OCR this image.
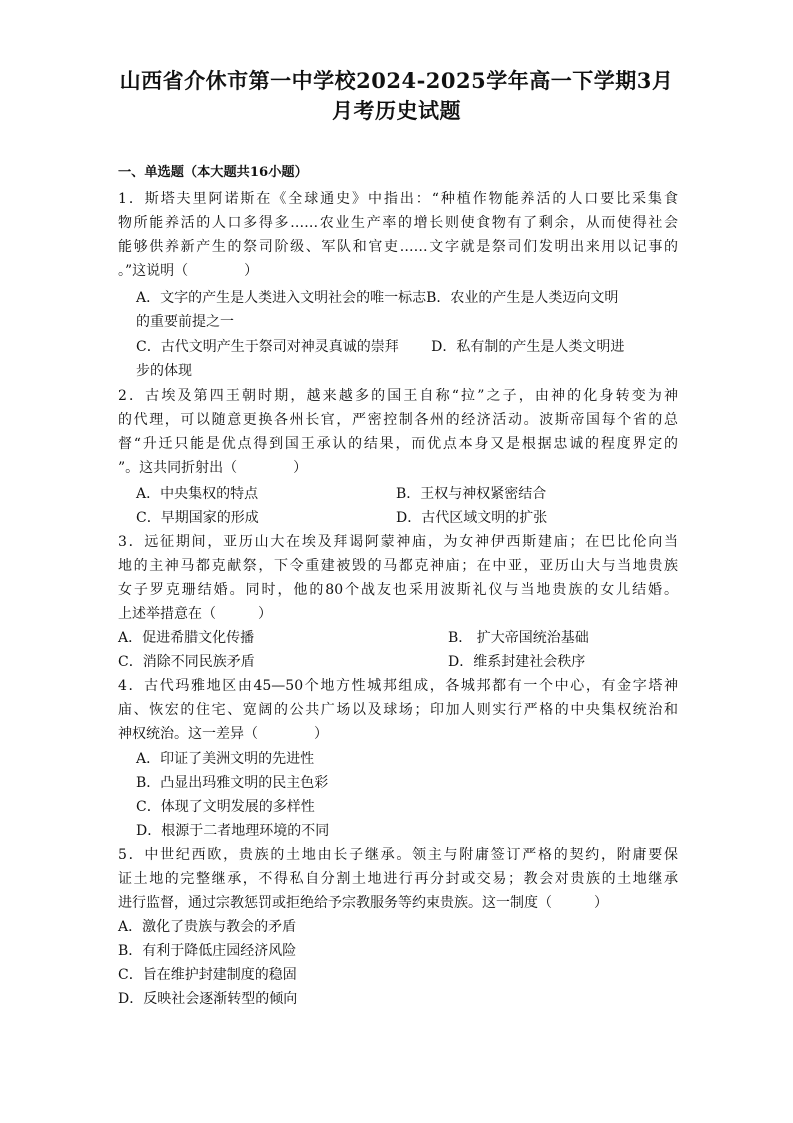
山西省介休市第一中学校2024-2025学年高一下学期3月
月考历史试题
一、单选题（本大题共16小题）
1．斯塔夫里阿诺斯在《全球通史》中指出：“种植作物能养活的人口要比采集食
物所能养活的人口多得多……农业生产率的增长则使食物有了剩余，从而使得社会
能够供养新产生的祭司阶级、军队和官吏……文字就是祭司们发明出来用以记事的
。”这说明（　　　　）
A．文字的产生是人类进入文明社会的唯一标志B．农业的产生是人类迈向文明
的重要前提之一
C．古代文明产生于祭司对神灵真诚的崇拜　　 D．私有制的产生是人类文明进
步的体现
2．古埃及第四王朝时期，越来越多的国王自称“拉”之子，由神的化身转变为神
的代理，可以随意更换各州长官，严密控制各州的经济活动。波斯帝国每个省的总
督“升迁只能是优点得到国王承认的结果，而优点本身又是根据忠诚的程度界定的
”。这共同折射出（　　　　）
A．中央集权的特点	B．王权与神权紧密结合
C．早期国家的形成	D．古代区域文明的扩张
3．远征期间，亚历山大在埃及拜谒阿蒙神庙，为女神伊西斯建庙；在巴比伦向当
地的主神马都克献祭，下令重建被毁的马都克神庙；在中亚，亚历山大与当地贵族
女子罗克珊结婚。同时，他的80个战友也采用波斯礼仪与当地贵族的女儿结婚。
上述举措意在（　　　）
A．促进希腊文化传播	B． 扩大帝国统治基础
C．消除不同民族矛盾	D．维系封建社会秩序
4．古代玛雅地区由45—50个地方性城邦组成，各城邦都有一个中心，有金字塔神
庙、恢宏的住宅、宽阔的公共广场以及球场；印加人则实行严格的中央集权统治和
神权统治。这一差异（　　　　）
A．印证了美洲文明的先进性
B．凸显出玛雅文明的民主色彩
C．体现了文明发展的多样性
D．根源于二者地理环境的不同
5．中世纪西欧，贵族的土地由长子继承。领主与附庸签订严格的契约，附庸要保
证土地的完整继承，不得私自分割土地进行再分封或交易；教会对贵族的土地继承
进行监督，通过宗教惩罚或拒绝给予宗教服务等约束贵族。这一制度（　　　）
A．激化了贵族与教会的矛盾
B．有利于降低庄园经济风险
C．旨在维护封建制度的稳固
D．反映社会逐渐转型的倾向
